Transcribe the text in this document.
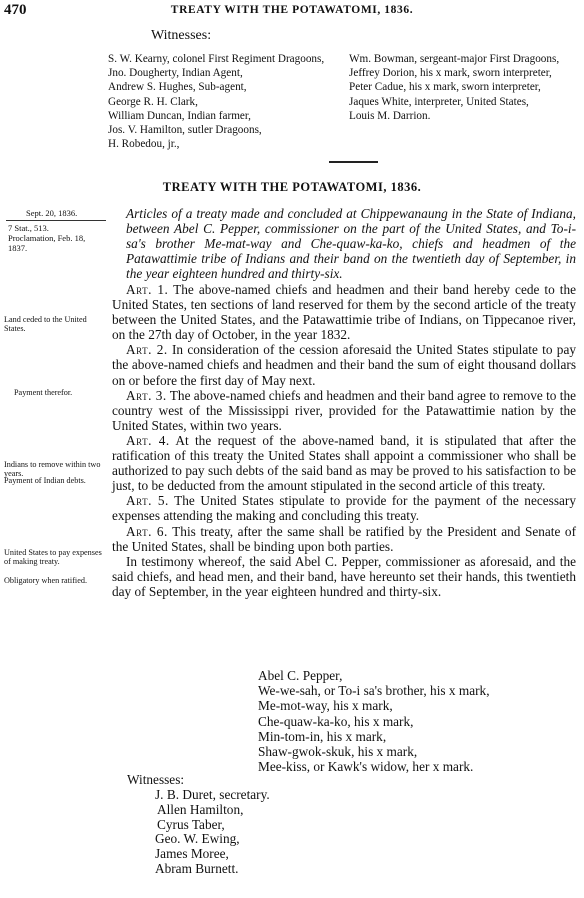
470	TREATY WITH THE POTAWATOMI, 1836.
Witnesses:

S. W. Kearny, colonel First Regiment Dragoons,

Jno. Dougherty, Indian Agent,

Andrew S. Hughes, Sub-agent,

George R. H. Clark,

William Duncan, Indian farmer,

Jos. V. Hamilton, sutler Dragoons,

H. Robedou, jr.,

Wm. Bowman, sergeant-major First Dragoons,

Jeffrey Dorion, his x mark, sworn interpreter,

Peter Cadue, his x mark, sworn interpreter,

Jaques White, interpreter, United States,

Louis M. Darrion.

TREATY WITH THE POTAWATOMI, 1836.
Sept. 20, 1836.
7 Stat., 513.
Proclamation, Feb. 18, 1837.
Land ceded to the United States.
Payment therefor.
Indians to remove within two years.
Payment of Indian debts.
United States to pay expenses of making treaty.
Obligatory when ratified.
Articles of a treaty made and concluded at Chippewanaung in the State of Indiana, between Abel C. Pepper, commissioner on the part of the United States, and To-i-sa's brother Me-mat-way and Che-quaw-ka-ko, chiefs and headmen of the Patawattimie tribe of Indians and their band on the twentieth day of September, in the year eighteen hundred and thirty-six.

Art. 1. The above-named chiefs and headmen and their band hereby cede to the United States, ten sections of land reserved for them by the second article of the treaty between the United States, and the Patawattimie tribe of Indians, on Tippecanoe river, on the 27th day of October, in the year 1832.

Art. 2. In consideration of the cession aforesaid the United States stipulate to pay the above-named chiefs and headmen and their band the sum of eight thousand dollars on or before the first day of May next.

Art. 3. The above-named chiefs and headmen and their band agree to remove to the country west of the Mississippi river, provided for the Patawattimie nation by the United States, within two years.

Art. 4. At the request of the above-named band, it is stipulated that after the ratification of this treaty the United States shall appoint a commissioner who shall be authorized to pay such debts of the said band as may be proved to his satisfaction to be just, to be deducted from the amount stipulated in the second article of this treaty.

Art. 5. The United States stipulate to provide for the payment of the necessary expenses attending the making and concluding this treaty.

Art. 6. This treaty, after the same shall be ratified by the President and Senate of the United States, shall be binding upon both parties.

In testimony whereof, the said Abel C. Pepper, commissioner as aforesaid, and the said chiefs, and head men, and their band, have hereunto set their hands, this twentieth day of September, in the year eighteen hundred and thirty-six.

Abel C. Pepper,
We-we-sah, or To-i sa's brother, his x mark,
Me-mot-way, his x mark,
Che-quaw-ka-ko, his x mark,
Min-tom-in, his x mark,
Shaw-gwok-skuk, his x mark,
Mee-kiss, or Kawk's widow, her x mark.
Witnesses:
J. B. Duret, secretary.
Allen Hamilton,
Cyrus Taber,
Geo. W. Ewing,
James Moree,
Abram Burnett.
